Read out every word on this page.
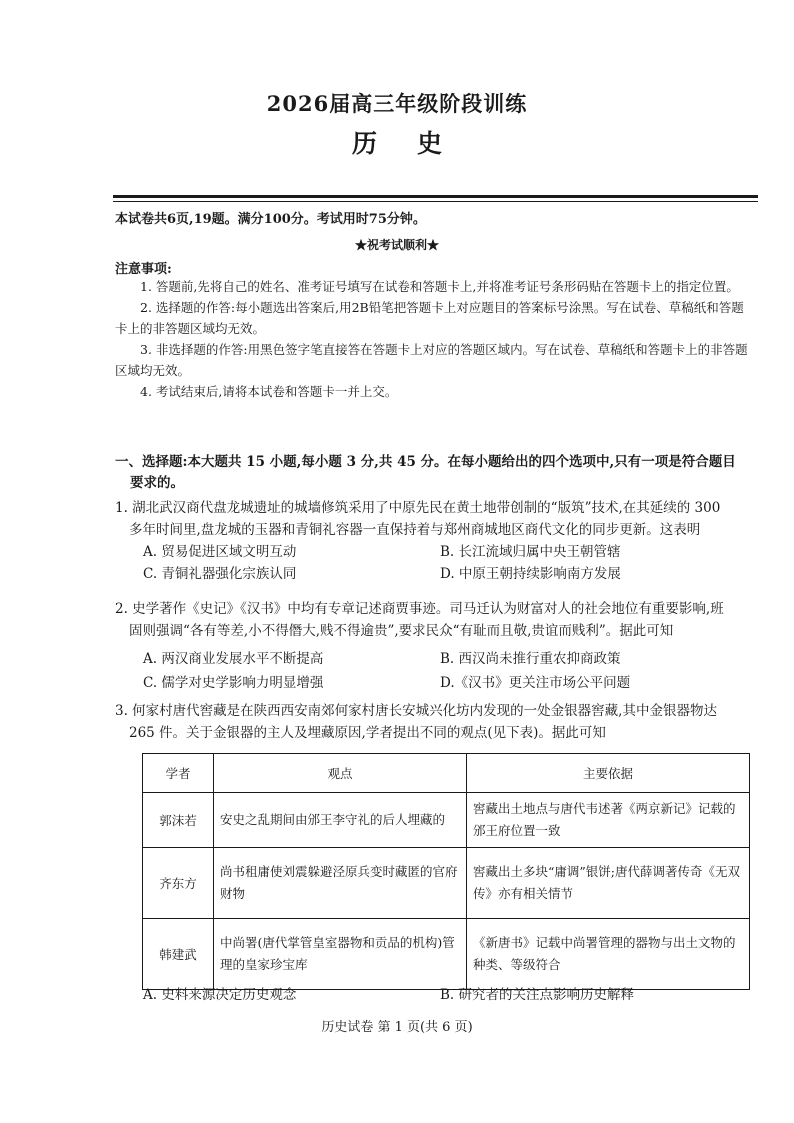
2026届高三年级阶段训练
历史
本试卷共6页,19题。满分100分。考试用时75分钟。
★祝考试顺利★
注意事项:

1. 答题前,先将自己的姓名、准考证号填写在试卷和答题卡上,并将准考证号条形码贴在答题卡上的指定位置。

2. 选择题的作答:每小题选出答案后,用2B铅笔把答题卡上对应题目的答案标号涂黑。写在试卷、草稿纸和答题卡上的非答题区域均无效。

3. 非选择题的作答:用黑色签字笔直接答在答题卡上对应的答题区域内。写在试卷、草稿纸和答题卡上的非答题区域均无效。

4. 考试结束后,请将本试卷和答题卡一并上交。

一、选择题:本大题共 15 小题,每小题 3 分,共 45 分。在每小题给出的四个选项中,只有一项是符合题目
要求的。

1. 湖北武汉商代盘龙城遗址的城墙修筑采用了中原先民在黄土地带创制的“版筑”技术,在其延续的 300

多年时间里,盘龙城的玉器和青铜礼容器一直保持着与郑州商城地区商代文化的同步更新。这表明

A. 贸易促进区域文明互动	B. 长江流域归属中央王朝管辖
C. 青铜礼器强化宗族认同	D. 中原王朝持续影响南方发展

2. 史学著作《史记》《汉书》中均有专章记述商贾事迹。司马迁认为财富对人的社会地位有重要影响,班

固则强调“各有等差,小不得僭大,贱不得逾贵”,要求民众“有耻而且敬,贵谊而贱利”。据此可知

A. 两汉商业发展水平不断提高	B. 西汉尚未推行重农抑商政策
C. 儒学对史学影响力明显增强	D.《汉书》更关注市场公平问题

3. 何家村唐代窖藏是在陕西西安南郊何家村唐长安城兴化坊内发现的一处金银器窖藏,其中金银器物达

265 件。关于金银器的主人及埋藏原因,学者提出不同的观点(见下表)。据此可知

学者	观点	主要依据
郭沫若	安史之乱期间由邠王李守礼的后人埋藏的	窖藏出土地点与唐代韦述著《两京新记》记载的邠王府位置一致
齐东方	尚书租庸使刘震躲避泾原兵变时藏匿的官府财物	窖藏出土多块“庸调”银饼;唐代薛调著传奇《无双传》亦有相关情节
韩建武	中尚署(唐代掌管皇室器物和贡品的机构)管理的皇家珍宝库	《新唐书》记载中尚署管理的器物与出土文物的种类、等级符合
A. 史料来源决定历史观念	B. 研究者的关注点影响历史解释
历史试卷 第 1 页(共 6 页)
